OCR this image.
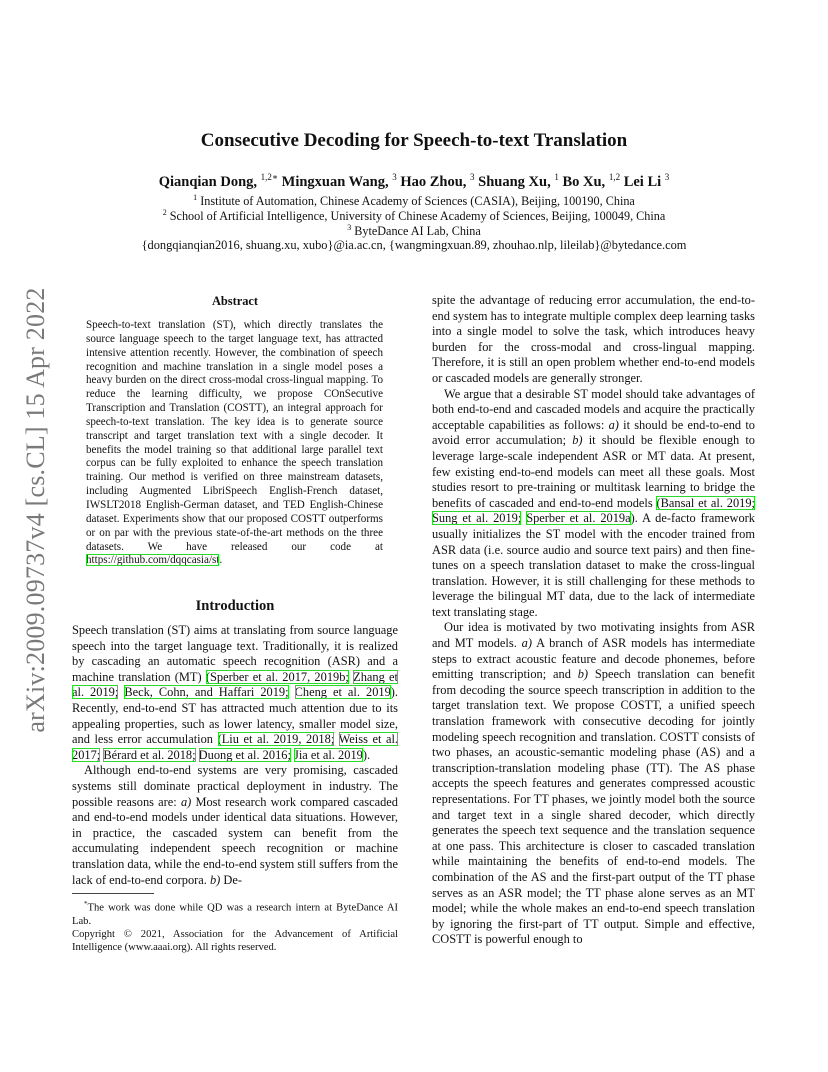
arXiv:2009.09737v4 [cs.CL] 15 Apr 2022
Consecutive Decoding for Speech-to-text Translation
Qianqian Dong, $^{1,2∗}$ Mingxuan Wang, $^3$ Hao Zhou, $^3$ Shuang Xu, $^1$ Bo Xu, $^{1,2}$ Lei Li $^3$
$^1$ Institute of Automation, Chinese Academy of Sciences (CASIA), Beijing, 100190, China
$^2$ School of Artificial Intelligence, University of Chinese Academy of Sciences, Beijing, 100049, China
$^3$ ByteDance AI Lab, China
{dongqianqian2016, shuang.xu, xubo}@ia.ac.cn, {wangmingxuan.89, zhouhao.nlp, lileilab}@bytedance.com
Abstract
Speech-to-text translation (ST), which directly translates the source language speech to the target language text, has attracted intensive attention recently. However, the combination of speech recognition and machine translation in a single model poses a heavy burden on the direct cross-modal cross-lingual mapping. To reduce the learning difficulty, we propose COnSecutive Transcription and Translation (COSTT), an integral approach for speech-to-text translation. The key idea is to generate source transcript and target translation text with a single decoder. It benefits the model training so that additional large parallel text corpus can be fully exploited to enhance the speech translation training. Our method is verified on three mainstream datasets, including Augmented LibriSpeech English-French dataset, IWSLT2018 English-German dataset, and TED English-Chinese dataset. Experiments show that our proposed COSTT outperforms or on par with the previous state-of-the-art methods on the three datasets. We have released our code at https://github.com/dqqcasia/st.
Introduction

Speech translation (ST) aims at translating from source language speech into the target language text. Traditionally, it is realized by cascading an automatic speech recognition (ASR) and a machine translation (MT) (Sperber et al. 2017, 2019b; Zhang et al. 2019; Beck, Cohn, and Haffari 2019; Cheng et al. 2019). Recently, end-to-end ST has attracted much attention due to its appealing properties, such as lower latency, smaller model size, and less error accumulation (Liu et al. 2019, 2018; Weiss et al. 2017; Bérard et al. 2018; Duong et al. 2016; Jia et al. 2019).

Although end-to-end systems are very promising, cascaded systems still dominate practical deployment in industry. The possible reasons are: a) Most research work compared cascaded and end-to-end models under identical data situations. However, in practice, the cascaded system can benefit from the accumulating independent speech recognition or machine translation data, while the end-to-end system still suffers from the lack of end-to-end corpora. b) De-

*The work was done while QD was a research intern at ByteDance AI Lab.

Copyright © 2021, Association for the Advancement of Artificial Intelligence (www.aaai.org). All rights reserved.

spite the advantage of reducing error accumulation, the end-to-end system has to integrate multiple complex deep learning tasks into a single model to solve the task, which introduces heavy burden for the cross-modal and cross-lingual mapping. Therefore, it is still an open problem whether end-to-end models or cascaded models are generally stronger.

We argue that a desirable ST model should take advantages of both end-to-end and cascaded models and acquire the practically acceptable capabilities as follows: a) it should be end-to-end to avoid error accumulation; b) it should be flexible enough to leverage large-scale independent ASR or MT data. At present, few existing end-to-end models can meet all these goals. Most studies resort to pre-training or multitask learning to bridge the benefits of cascaded and end-to-end models (Bansal et al. 2019; Sung et al. 2019; Sperber et al. 2019a). A de-facto framework usually initializes the ST model with the encoder trained from ASR data (i.e. source audio and source text pairs) and then fine-tunes on a speech translation dataset to make the cross-lingual translation. However, it is still challenging for these methods to leverage the bilingual MT data, due to the lack of intermediate text translating stage.

Our idea is motivated by two motivating insights from ASR and MT models. a) A branch of ASR models has intermediate steps to extract acoustic feature and decode phonemes, before emitting transcription; and b) Speech translation can benefit from decoding the source speech transcription in addition to the target translation text. We propose COSTT, a unified speech translation framework with consecutive decoding for jointly modeling speech recognition and translation. COSTT consists of two phases, an acoustic-semantic modeling phase (AS) and a transcription-translation modeling phase (TT). The AS phase accepts the speech features and generates compressed acoustic representations. For TT phases, we jointly model both the source and target text in a single shared decoder, which directly generates the speech text sequence and the translation sequence at one pass. This architecture is closer to cascaded translation while maintaining the benefits of end-to-end models. The combination of the AS and the first-part output of the TT phase serves as an ASR model; the TT phase alone serves as an MT model; while the whole makes an end-to-end speech translation by ignoring the first-part of TT output. Simple and effective, COSTT is powerful enough to
